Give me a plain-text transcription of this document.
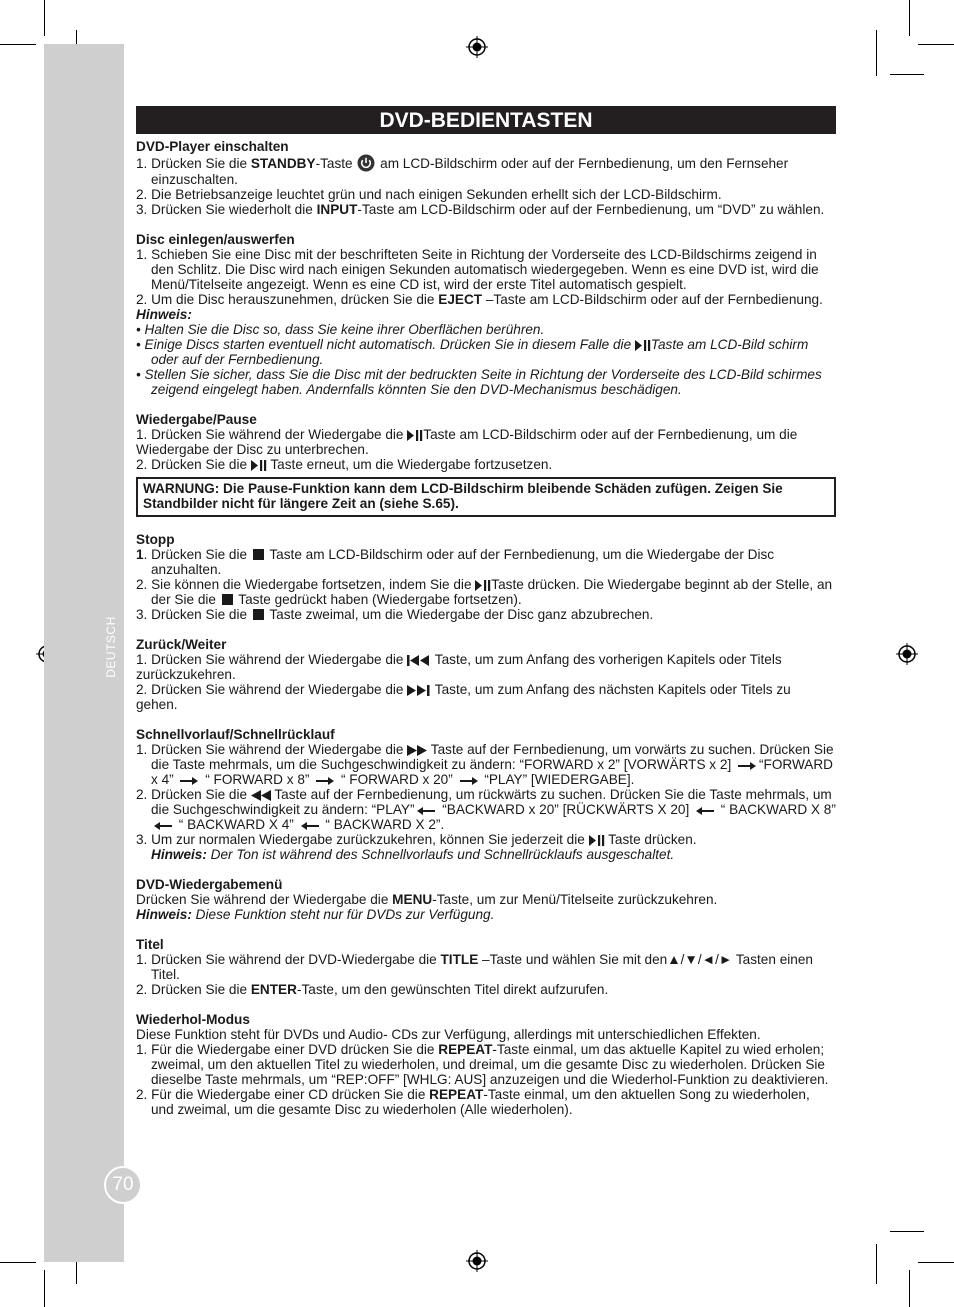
DEUTSCH
70
DVD-BEDIENTASTEN
DVD-Player einschalten
1. Drücken Sie die STANDBY-Taste  am LCD-Bildschirm oder auf der Fernbedienung, um den Fernseher einzuschalten.
2. Die Betriebsanzeige leuchtet grün und nach einigen Sekunden erhellt sich der LCD-Bildschirm.
3. Drücken Sie wiederholt die INPUT-Taste am LCD-Bildschirm oder auf der Fernbedienung, um “DVD” zu wählen.
Disc einlegen/auswerfen
1. Schieben Sie eine Disc mit der beschrifteten Seite in Richtung der Vorderseite des LCD-Bildschirms zeigend in den Schlitz. Die Disc wird nach einigen Sekunden automatisch wiedergegeben. Wenn es eine DVD ist, wird die Menü/Titelseite angezeigt. Wenn es eine CD ist, wird der erste Titel automatisch gespielt.
2. Um die Disc herauszunehmen, drücken Sie die EJECT –Taste am LCD-Bildschirm oder auf der Fernbedienung.
Hinweis:
• Halten Sie die Disc so, dass Sie keine ihrer Oberflächen berühren.
• Einige Discs starten eventuell nicht automatisch. Drücken Sie in diesem Falle die Taste am LCD-Bild schirm oder auf der Fernbedienung.
• Stellen Sie sicher, dass Sie die Disc mit der bedruckten Seite in Richtung der Vorderseite des LCD-Bild schirmes zeigend eingelegt haben. Andernfalls könnten Sie den DVD-Mechanismus beschädigen.
Wiedergabe/Pause
1. Drücken Sie während der Wiedergabe die Taste am LCD-Bildschirm oder auf der Fernbedienung, um die Wiedergabe der Disc zu unterbrechen.
2. Drücken Sie die  Taste erneut, um die Wiedergabe fortzusetzen.
WARNUNG: Die Pause-Funktion kann dem LCD-Bildschirm bleibende Schäden zufügen. Zeigen Sie Standbilder nicht für längere Zeit an (siehe S.65).
Stopp
1. Drücken Sie die  Taste am LCD-Bildschirm oder auf der Fernbedienung, um die Wiedergabe der Disc anzuhalten.
2. Sie können die Wiedergabe fortsetzen, indem Sie die Taste drücken. Die Wiedergabe beginnt ab der Stelle, an der Sie die  Taste gedrückt haben (Wiedergabe fortsetzen).
3. Drücken Sie die  Taste zweimal, um die Wiedergabe der Disc ganz abzubrechen.
Zurück/Weiter
1. Drücken Sie während der Wiedergabe die  Taste, um zum Anfang des vorherigen Kapitels oder Titels zurückzukehren.
2. Drücken Sie während der Wiedergabe die  Taste, um zum Anfang des nächsten Kapitels oder Titels zu gehen.
Schnellvorlauf/Schnellrücklauf
1. Drücken Sie während der Wiedergabe die  Taste auf der Fernbedienung, um vorwärts zu suchen. Drücken Sie die Taste mehrmals, um die Suchgeschwindigkeit zu ändern: “FORWARD x 2” [VORWÄRTS x 2] “FORWARD x 4”  “ FORWARD x 8”  “ FORWARD x 20”  “PLAY” [WIEDERGABE].
2. Drücken Sie die  Taste auf der Fernbedienung, um rückwärts zu suchen. Drücken Sie die Taste mehrmals, um die Suchgeschwindigkeit zu ändern: “PLAY” “BACKWARD x 20” [RÜCKWÄRTS X 20]  “ BACKWARD X 8”  “ BACKWARD X 4”  “ BACKWARD X 2”.
3. Um zur normalen Wiedergabe zurückzukehren, können Sie jederzeit die  Taste drücken.
Hinweis: Der Ton ist während des Schnellvorlaufs und Schnellrücklaufs ausgeschaltet.
DVD-Wiedergabemenü
Drücken Sie während der Wiedergabe die MENU-Taste, um zur Menü/Titelseite zurückzukehren.
Hinweis: Diese Funktion steht nur für DVDs zur Verfügung.
Titel
1. Drücken Sie während der DVD-Wiedergabe die TITLE –Taste und wählen Sie mit den▲/▼/◄/► Tasten einen Titel.
2. Drücken Sie die ENTER-Taste, um den gewünschten Titel direkt aufzurufen.
Wiederhol-Modus
Diese Funktion steht für DVDs und Audio- CDs zur Verfügung, allerdings mit unterschiedlichen Effekten.
1. Für die Wiedergabe einer DVD drücken Sie die REPEAT-Taste einmal, um das aktuelle Kapitel zu wied erholen; zweimal, um den aktuellen Titel zu wiederholen, und dreimal, um die gesamte Disc zu wiederholen. Drücken Sie dieselbe Taste mehrmals, um “REP:OFF” [WHLG: AUS] anzuzeigen und die Wiederhol-Funktion zu deaktivieren.
2. Für die Wiedergabe einer CD drücken Sie die REPEAT-Taste einmal, um den aktuellen Song zu wiederholen, und zweimal, um die gesamte Disc zu wiederholen (Alle wiederholen).
